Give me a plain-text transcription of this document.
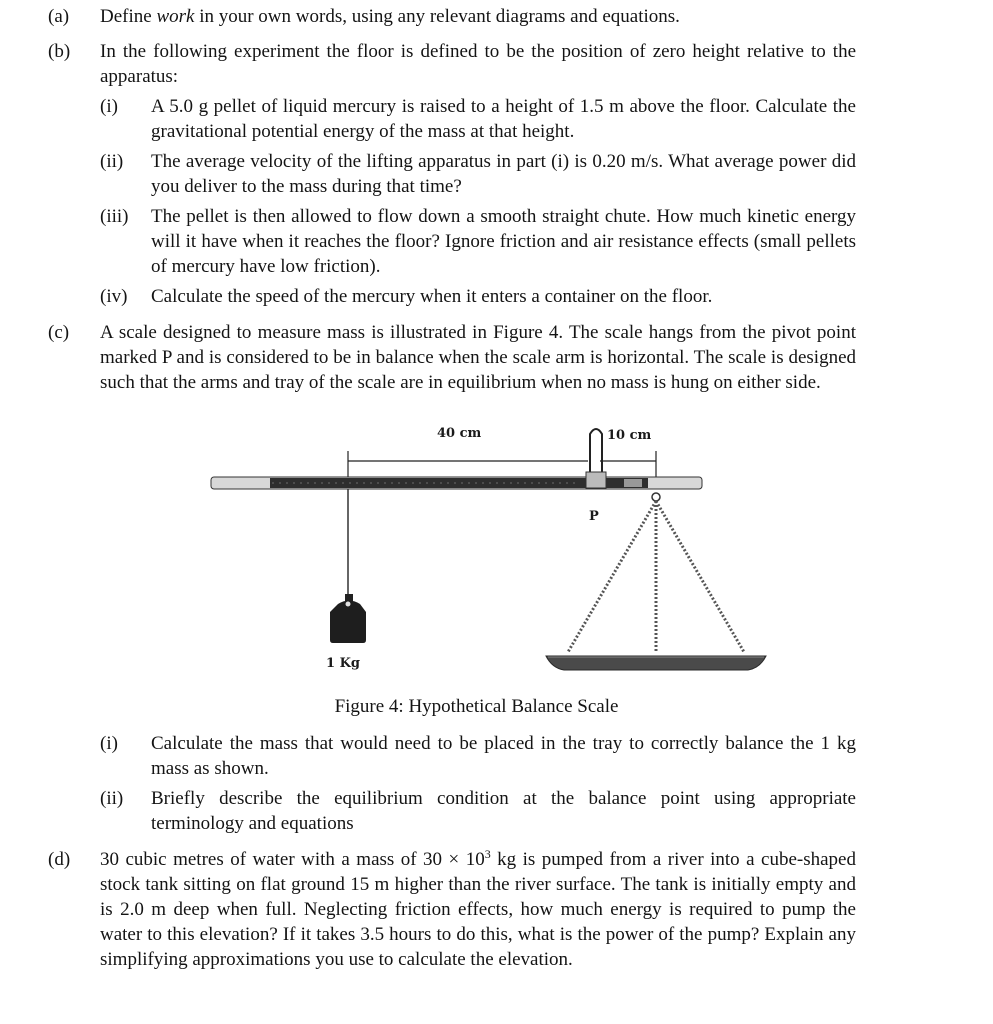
(a) Define work in your own words, using any relevant diagrams and equations.
(b) In the following experiment the floor is defined to be the position of zero height relative to the apparatus:
(i) A 5.0 g pellet of liquid mercury is raised to a height of 1.5 m above the floor. Calculate the gravitational potential energy of the mass at that height.
(ii) The average velocity of the lifting apparatus in part (i) is 0.20 m/s. What average power did you deliver to the mass during that time?
(iii) The pellet is then allowed to flow down a smooth straight chute. How much kinetic energy will it have when it reaches the floor? Ignore friction and air resistance effects (small pellets of mercury have low friction).
(iv) Calculate the speed of the mercury when it enters a container on the floor.
(c) A scale designed to measure mass is illustrated in Figure 4. The scale hangs from the pivot point marked P and is considered to be in balance when the scale arm is horizontal. The scale is designed such that the arms and tray of the scale are in equilibrium when no mass is hung on either side.
40 cm	10 cm
P
1 Kg
Figure 4: Hypothetical Balance Scale
(i) Calculate the mass that would need to be placed in the tray to correctly balance the 1 kg mass as shown.
(ii) Briefly describe the equilibrium condition at the balance point using appropriate terminology and equations
(d) 30 cubic metres of water with a mass of $30 \times 10^3$ kg is pumped from a river into a cube-shaped stock tank sitting on flat ground 15 m higher than the river surface. The tank is initially empty and is 2.0 m deep when full. Neglecting friction effects, how much energy is required to pump the water to this elevation? If it takes 3.5 hours to do this, what is the power of the pump? Explain any simplifying approximations you use to calculate the elevation.
